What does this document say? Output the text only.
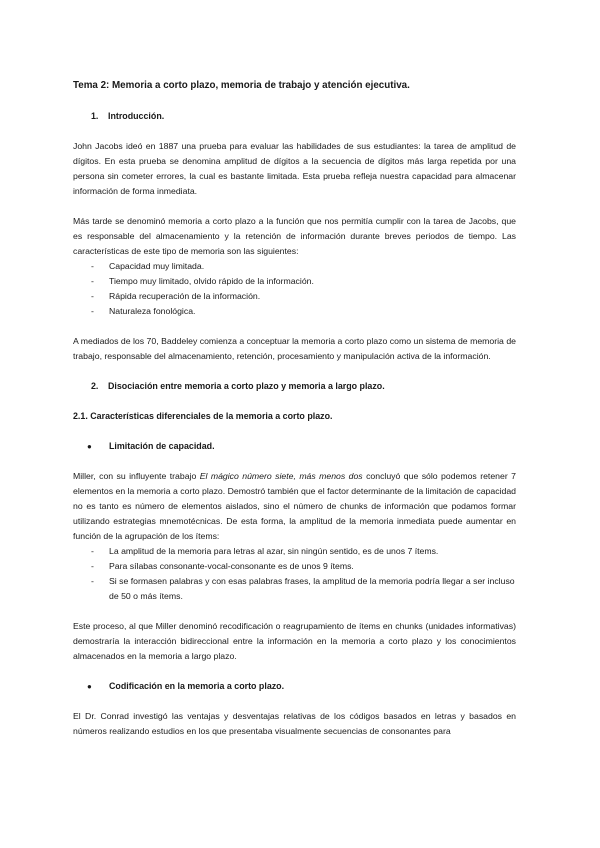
Tema 2: Memoria a corto plazo, memoria de trabajo y atención ejecutiva.
1. Introducción.

John Jacobs ideó en 1887 una prueba para evaluar las habilidades de sus estudiantes: la tarea de amplitud de dígitos. En esta prueba se denomina amplitud de dígitos a la secuencia de dígitos más larga repetida por una persona sin cometer errores, la cual es bastante limitada. Esta prueba refleja nuestra capacidad para almacenar información de forma inmediata.

Más tarde se denominó memoria a corto plazo a la función que nos permitía cumplir con la tarea de Jacobs, que es responsable del almacenamiento y la retención de información durante breves periodos de tiempo. Las características de este tipo de memoria son las siguientes:

- Capacidad muy limitada.
- Tiempo muy limitado, olvido rápido de la información.
- Rápida recuperación de la información.
- Naturaleza fonológica.

A mediados de los 70, Baddeley comienza a conceptuar la memoria a corto plazo como un sistema de memoria de trabajo, responsable del almacenamiento, retención, procesamiento y manipulación activa de la información.

2. Disociación entre memoria a corto plazo y memoria a largo plazo.
2.1. Características diferenciales de la memoria a corto plazo.
●	Limitación de capacidad.

Miller, con su influyente trabajo El mágico número siete, más menos dos concluyó que sólo podemos retener 7 elementos en la memoria a corto plazo. Demostró también que el factor determinante de la limitación de capacidad no es tanto es número de elementos aislados, sino el número de chunks de información que podamos formar utilizando estrategias mnemotécnicas. De esta forma, la amplitud de la memoria inmediata puede aumentar en función de la agrupación de los ítems:

- La amplitud de la memoria para letras al azar, sin ningún sentido, es de unos 7 ítems.
- Para sílabas consonante-vocal-consonante es de unos 9 ítems.
- Si se formasen palabras y con esas palabras frases, la amplitud de la memoria podría llegar a ser incluso de 50 o más ítems.

Este proceso, al que Miller denominó recodificación o reagrupamiento de ítems en chunks (unidades informativas) demostraría la interacción bidireccional entre la información en la memoria a corto plazo y los conocimientos almacenados en la memoria a largo plazo.

●	Codificación en la memoria a corto plazo.

El Dr. Conrad investigó las ventajas y desventajas relativas de los códigos basados en letras y basados en números realizando estudios en los que presentaba visualmente secuencias de consonantes para
